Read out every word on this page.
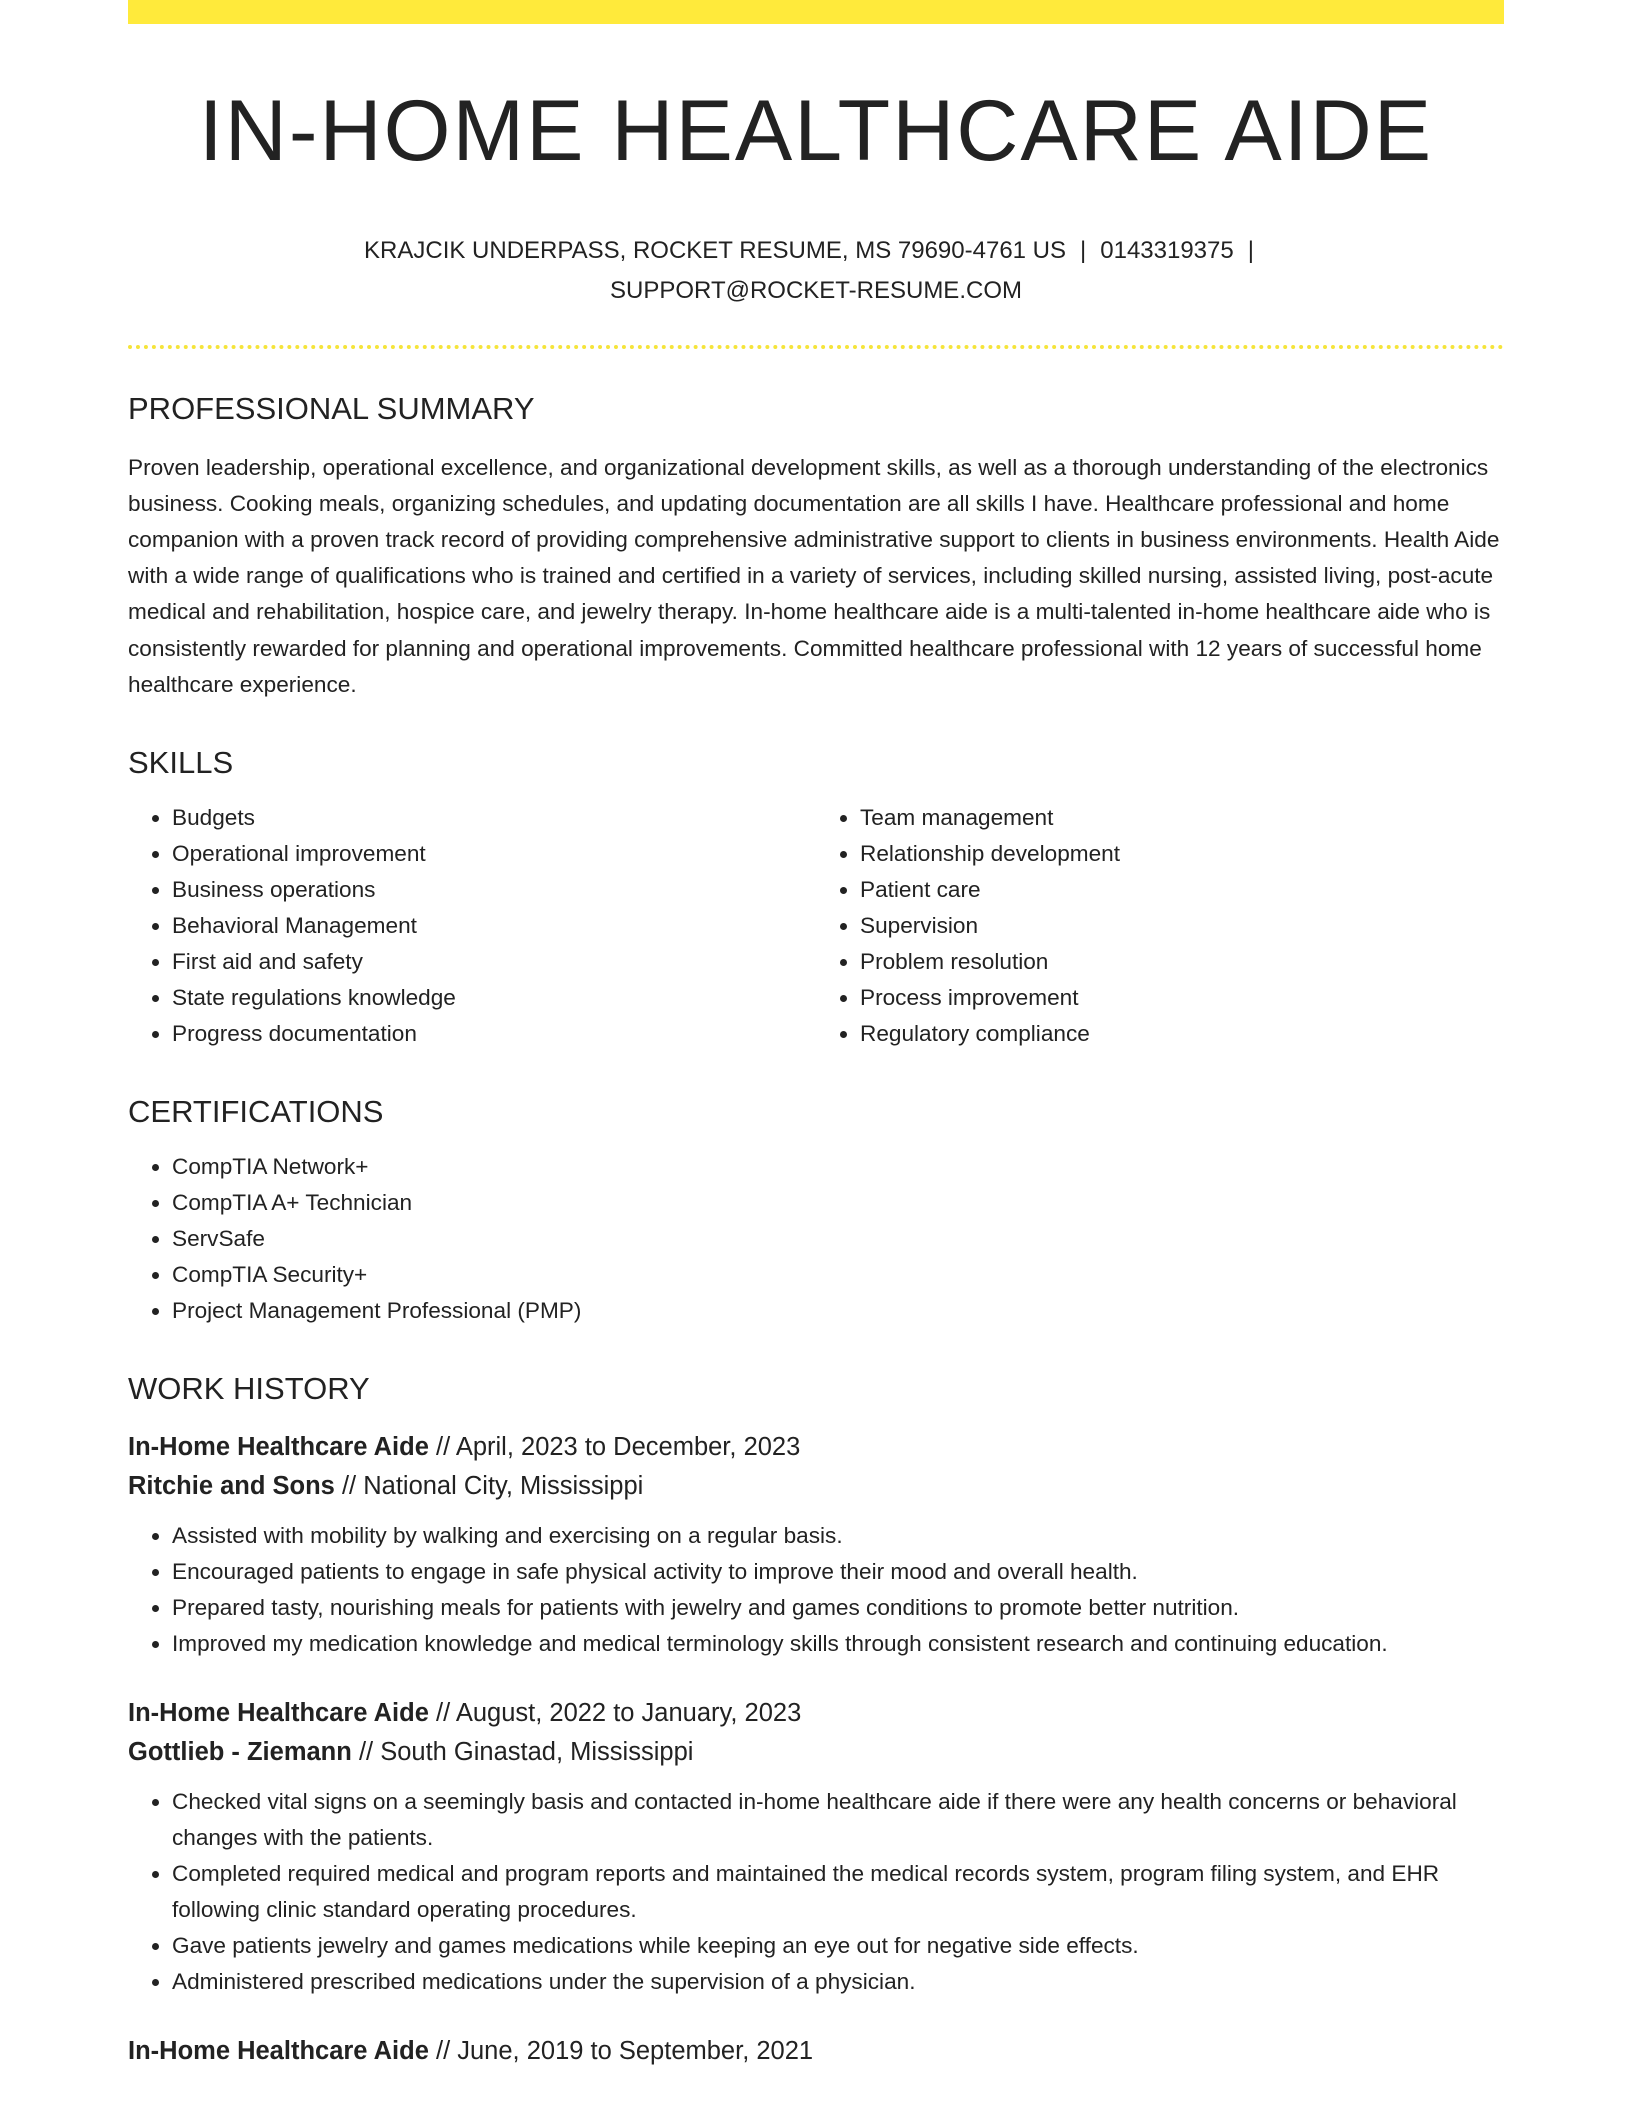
IN-HOME HEALTHCARE AIDE
KRAJCIK UNDERPASS, ROCKET RESUME, MS 79690-4761 US | 0143319375 |
SUPPORT@ROCKET-RESUME.COM
PROFESSIONAL SUMMARY

Proven leadership, operational excellence, and organizational development skills, as well as a thorough understanding of the electronics business. Cooking meals, organizing schedules, and updating documentation are all skills I have. Healthcare professional and home companion with a proven track record of providing comprehensive administrative support to clients in business environments. Health Aide with a wide range of qualifications who is trained and certified in a variety of services, including skilled nursing, assisted living, post-acute medical and rehabilitation, hospice care, and jewelry therapy. In-home healthcare aide is a multi-talented in-home healthcare aide who is consistently rewarded for planning and operational improvements. Committed healthcare professional with 12 years of successful home healthcare experience.

SKILLS
• Budgets
• Operational improvement
• Business operations
• Behavioral Management
• First aid and safety
• State regulations knowledge
• Progress documentation
• Team management
• Relationship development
• Patient care
• Supervision
• Problem resolution
• Process improvement
• Regulatory compliance
CERTIFICATIONS
• CompTIA Network+
• CompTIA A+ Technician
• ServSafe
• CompTIA Security+
• Project Management Professional (PMP)
WORK HISTORY
In-Home Healthcare Aide // April, 2023 to December, 2023
Ritchie and Sons // National City, Mississippi
• Assisted with mobility by walking and exercising on a regular basis.
• Encouraged patients to engage in safe physical activity to improve their mood and overall health.
• Prepared tasty, nourishing meals for patients with jewelry and games conditions to promote better nutrition.
• Improved my medication knowledge and medical terminology skills through consistent research and continuing education.
In-Home Healthcare Aide // August, 2022 to January, 2023
Gottlieb - Ziemann // South Ginastad, Mississippi
• Checked vital signs on a seemingly basis and contacted in-home healthcare aide if there were any health concerns or behavioral changes with the patients.
• Completed required medical and program reports and maintained the medical records system, program filing system, and EHR following clinic standard operating procedures.
• Gave patients jewelry and games medications while keeping an eye out for negative side effects.
• Administered prescribed medications under the supervision of a physician.
In-Home Healthcare Aide // June, 2019 to September, 2021
